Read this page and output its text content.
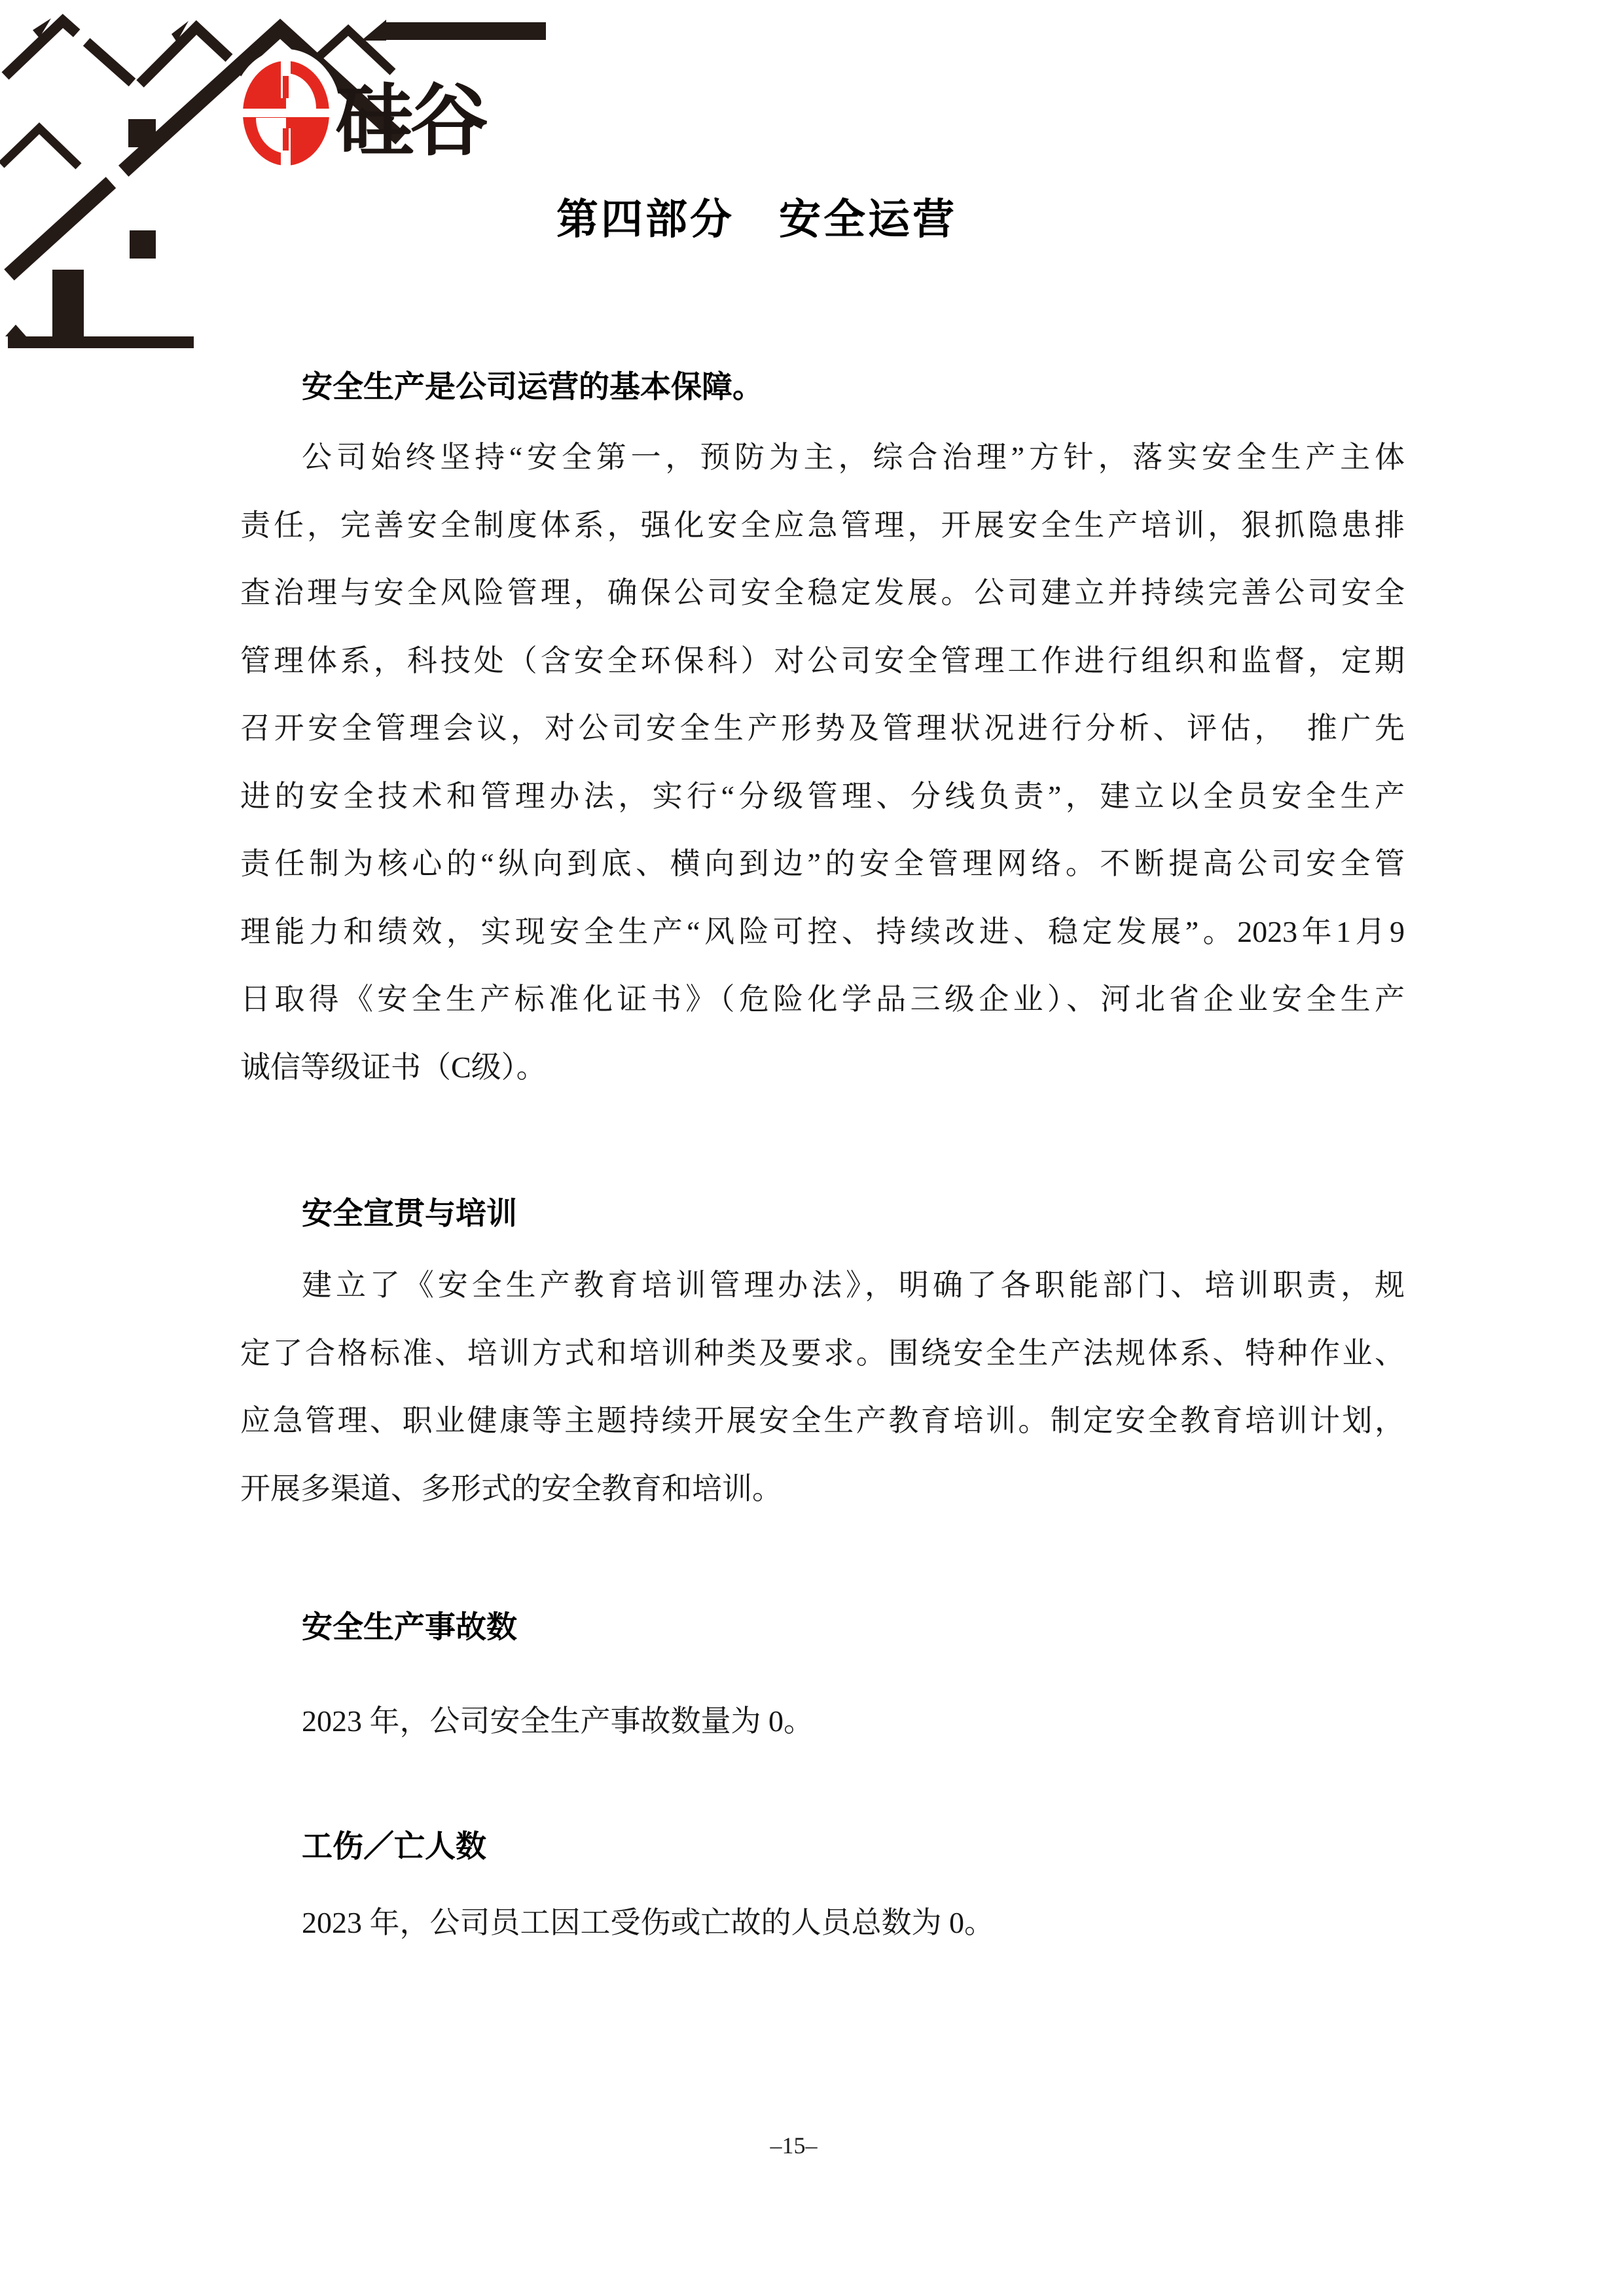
硅谷
第四部分　安全运营
安全生产是公司运营的基本保障。
公司始终坚持“安全第一，预防为主，综合治理”方针，落实安全生产主体
责任，完善安全制度体系，强化安全应急管理，开展安全生产培训，狠抓隐患排
查治理与安全风险管理，确保公司安全稳定发展。公司建立并持续完善公司安全
管理体系，科技处（含安全环保科）对公司安全管理工作进行组织和监督，定期
召开安全管理会议，对公司安全生产形势及管理状况进行分析、评估，　推广先
进的安全技术和管理办法，实行“分级管理、分线负责”，建立以全员安全生产
责任制为核心的“纵向到底、横向到边”的安全管理网络。不断提高公司安全管
理能力和绩效，实现安全生产“风险可控、持续改进、稳定发展”。2023年1月9
日取得《安全生产标准化证书》（危险化学品三级企业）、河北省企业安全生产
诚信等级证书（C级）。
安全宣贯与培训
建立了《安全生产教育培训管理办法》，明确了各职能部门、培训职责，规
定了合格标准、培训方式和培训种类及要求。围绕安全生产法规体系、特种作业、
应急管理、职业健康等主题持续开展安全生产教育培训。制定安全教育培训计划，
开展多渠道、多形式的安全教育和培训。
安全生产事故数
2023 年，公司安全生产事故数量为 0。
工伤／亡人数
2023 年，公司员工因工受伤或亡故的人员总数为 0。
–15–
